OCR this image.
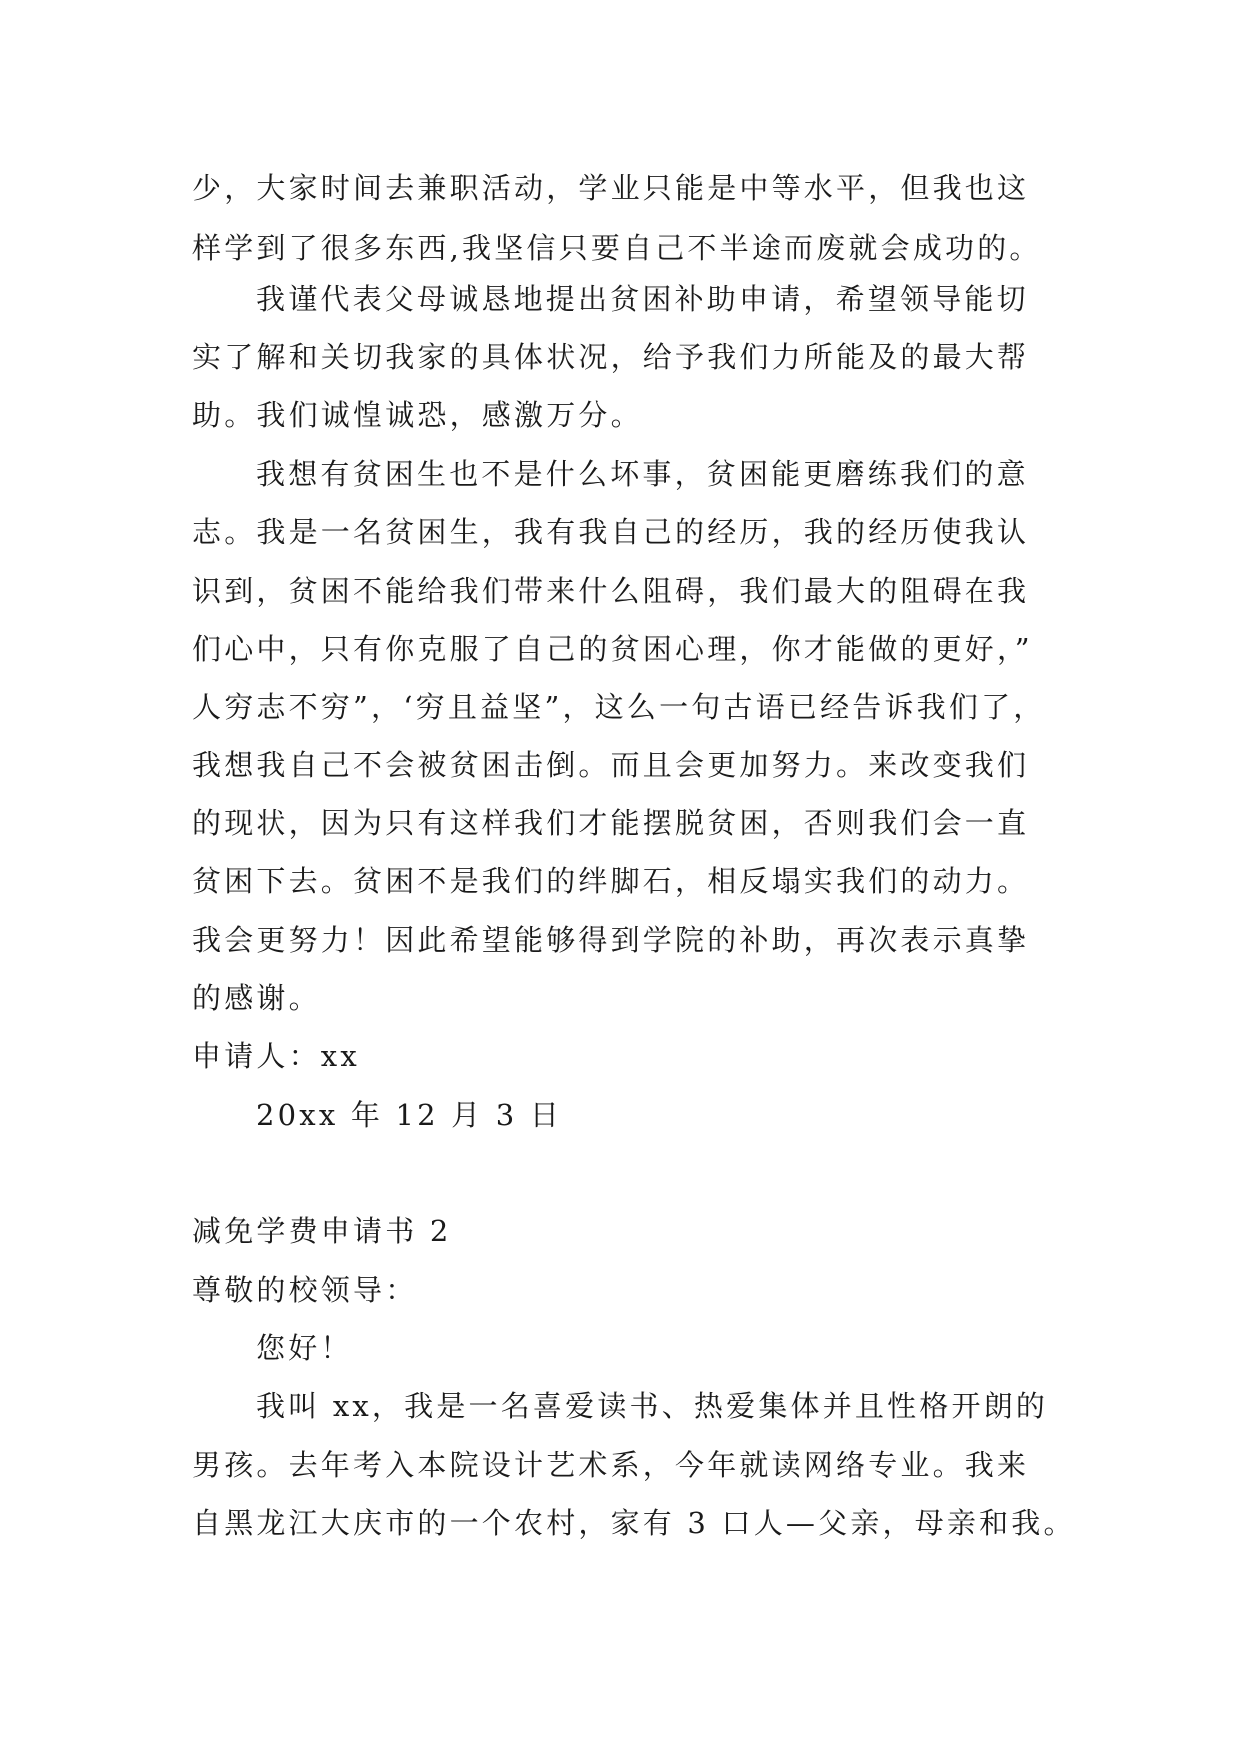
少，大家时间去兼职活动，学业只能是中等水平，但我也这
样学到了很多东西,我坚信只要自己不半途而废就会成功的。
我谨代表父母诚恳地提出贫困补助申请，希望领导能切
实了解和关切我家的具体状况，给予我们力所能及的最大帮
助。我们诚惶诚恐，感激万分。
我想有贫困生也不是什么坏事，贫困能更磨练我们的意
志。我是一名贫困生，我有我自己的经历，我的经历使我认
识到，贫困不能给我们带来什么阻碍，我们最大的阻碍在我
们心中，只有你克服了自己的贫困心理，你才能做的更好，”
人穷志不穷”，‘穷且益坚”，这么一句古语已经告诉我们了，
我想我自己不会被贫困击倒。而且会更加努力。来改变我们
的现状，因为只有这样我们才能摆脱贫困，否则我们会一直
贫困下去。贫困不是我们的绊脚石，相反塌实我们的动力。
我会更努力！因此希望能够得到学院的补助，再次表示真挚
的感谢。
申请人：xx
20xx 年 12 月 3 日
减免学费申请书 2
尊敬的校领导：
您好！
我叫 xx，我是一名喜爱读书、热爱集体并且性格开朗的
男孩。去年考入本院设计艺术系，今年就读网络专业。我来
自黑龙江大庆市的一个农村，家有 3 口人—父亲，母亲和我。
